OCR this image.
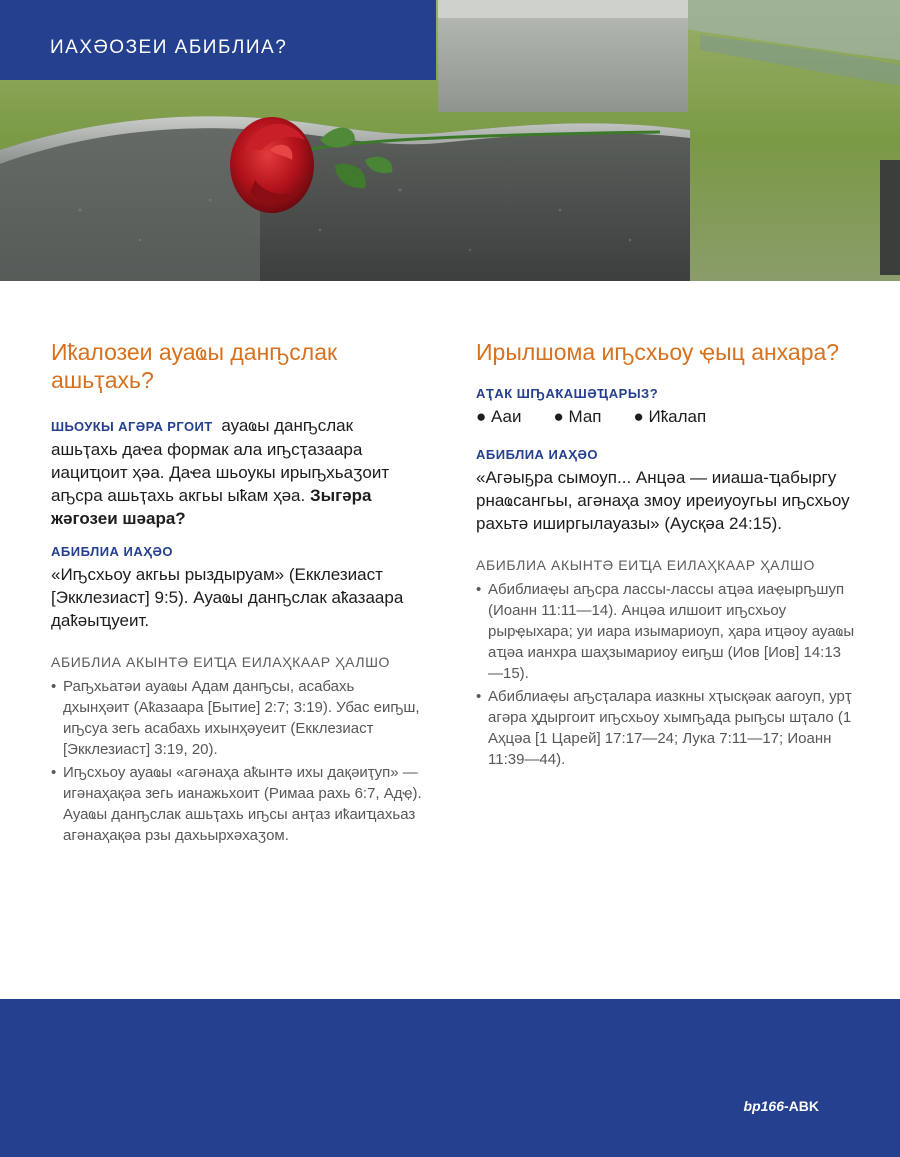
ИАХӘОЗЕИ АБИБЛИА?
Иҟалозеи ауаҩы данҧслак ашьҭахь?
ШЬОУКЫ АГӘРА РГОИТ ауаҩы данҧслак ашьҭахь даҽа формак ала иҧсҭазаара иациҵоит ҳәа. Даҽа шьоукы ирыҧхьаӡоит аҧсра ашьҭахь акгьы ыҟам ҳәа. Зыгәра жәгозеи шәара?
АБИБЛИА ИАҲӘО
«Иҧсхьоу акгьы рыздыруам» (Екклезиаст [Экклезиаст] 9:5). Ауаҩы данҧслак аҟазаара даҟәыҵуеит.
АБИБЛИА АКЫНТӘ ЕИҴА ЕИЛАҲКААР ҲАЛШО
• Раҧхьатәи ауаҩы Адам данҧсы, асабахь дхынҳәит (Аҟазаара [Бытие] 2:7; 3:19). Убас еиҧш, иҧсуа зегь асабахь ихынҳәуеит (Екклезиаст [Экклезиаст] 3:19, 20).
• Иҧсхьоу ауаҩы «агәнаҳа аҟынтә ихы дақәиҭуп» — игәнаҳақәа зегь ианажьхоит (Римаа рахь 6:7, Адҿ). Ауаҩы данҧслак ашьҭахь иҧсы анҭаз иҟаиҵахьаз агәнаҳақәа рзы дахьырхәхаӡом.
Ирылшома иҧсхьоу ҿыц анхара?
АҬАК ШҦАҞАШӘҴАРЫЗ?
● Ааи ● Мап ● Иҟалап
АБИБЛИА ИАҲӘО
«Агәыҕра сымоуп... Анцәа — ииаша-ҵабыргу рнаҩсангьы, агәнаҳа змоу иреиуоугьы иҧсхьоу рахьтә иширгылауазы» (Аусқәа 24:15).
АБИБЛИА АКЫНТӘ ЕИҴА ЕИЛАҲКААР ҲАЛШО
• Абиблиаҿы аҧсра лассы-лассы аҵәа иаҿырҧшуп (Иоанн 11:11—14). Анцәа илшоит иҧсхьоу рырҿыхара; уи иара изымариоуп, ҳара иҵәоу ауаҩы аҵәа ианхра шаҳзымариоу еиҧш (Иов [Иов] 14:13—15).
• Абиблиаҿы аҧсҭалара иазкны хҭысқәак аагоуп, урҭ агәра ҳдыргоит иҧсхьоу хымҧада рыҧсы шҭало (1 Аҳцәа [1 Царей] 17:17—24; Лука 7:11—17; Иоанн 11:39—44).
bp166-ABK
